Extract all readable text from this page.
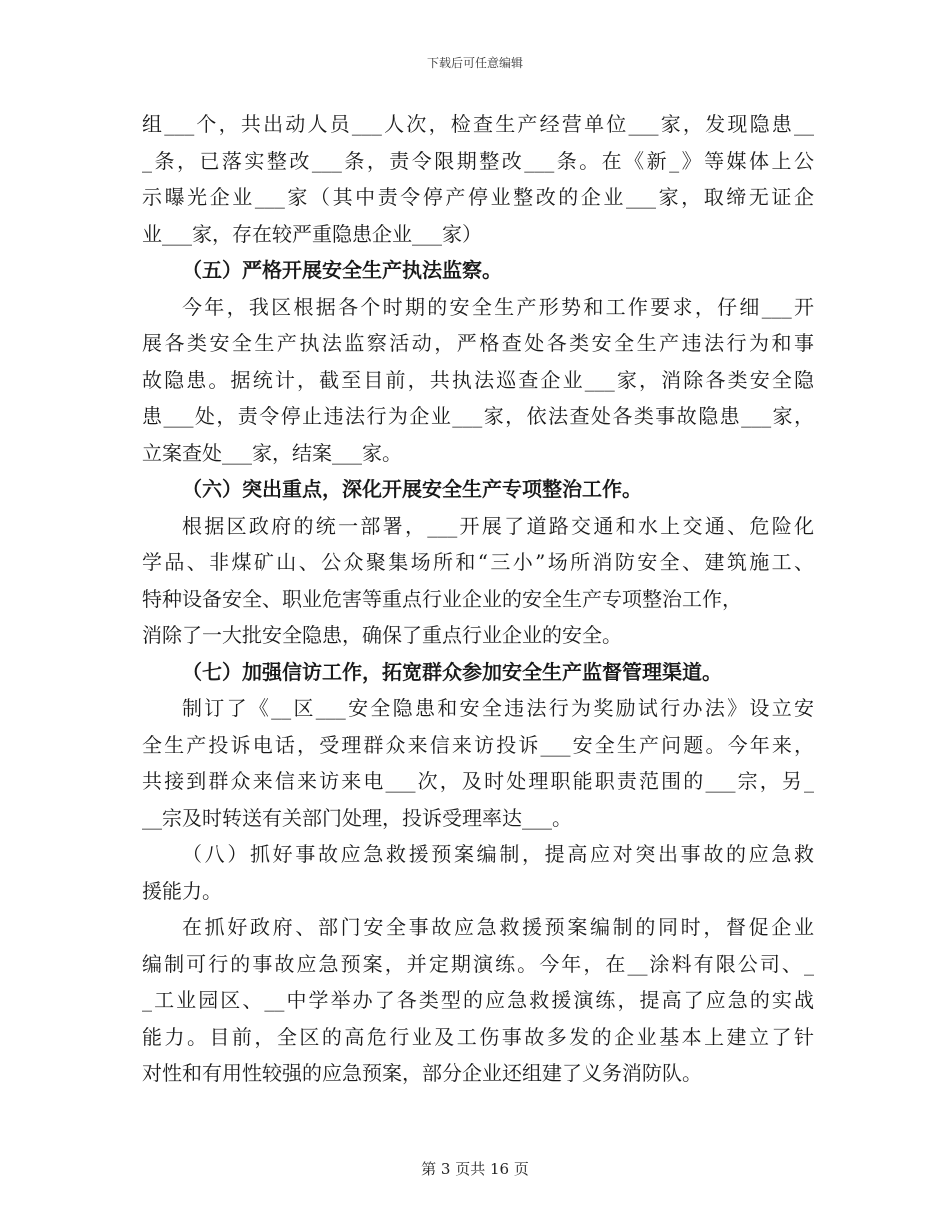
下载后可任意编辑
组___个，共出动人员___人次，检查生产经营单位___家，发现隐患__
_条，已落实整改___条，责令限期整改___条。在《新_》等媒体上公
示曝光企业___家（其中责令停产停业整改的企业___家，取缔无证企
业___家，存在较严重隐患企业___家）
（五）严格开展安全生产执法监察。
今年，我区根据各个时期的安全生产形势和工作要求，仔细___开
展各类安全生产执法监察活动，严格查处各类安全生产违法行为和事
故隐患。据统计，截至目前，共执法巡查企业___家，消除各类安全隐
患___处，责令停止违法行为企业___家，依法查处各类事故隐患___家，
立案查处___家，结案___家。
（六）突出重点，深化开展安全生产专项整治工作。
根据区政府的统一部署，___开展了道路交通和水上交通、危险化
学品、非煤矿山、公众聚集场所和“三小”场所消防安全、建筑施工、
特种设备安全、职业危害等重点行业企业的安全生产专项整治工作，
消除了一大批安全隐患，确保了重点行业企业的安全。
（七）加强信访工作，拓宽群众参加安全生产监督管理渠道。
制订了《__区___安全隐患和安全违法行为奖励试行办法》设立安
全生产投诉电话，受理群众来信来访投诉___安全生产问题。今年来，
共接到群众来信来访来电___次，及时处理职能职责范围的___宗，另_
__宗及时转送有关部门处理，投诉受理率达___。
（八）抓好事故应急救援预案编制，提高应对突出事故的应急救
援能力。
在抓好政府、部门安全事故应急救援预案编制的同时，督促企业
编制可行的事故应急预案，并定期演练。今年，在__涂料有限公司、_
_工业园区、__中学举办了各类型的应急救援演练，提高了应急的实战
能力。目前，全区的高危行业及工伤事故多发的企业基本上建立了针
对性和有用性较强的应急预案，部分企业还组建了义务消防队。
第 3 页共 16 页
